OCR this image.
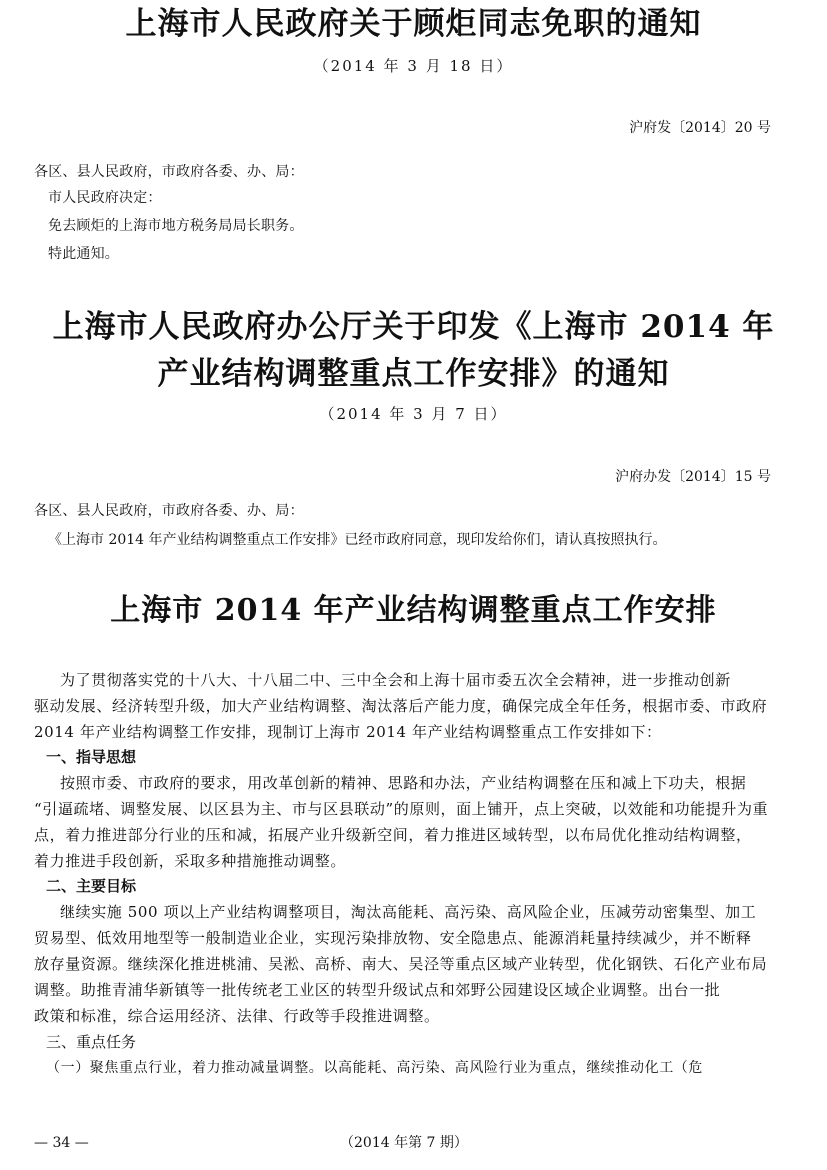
上海市人民政府关于顾炬同志免职的通知
（2014 年 3 月 18 日）
沪府发〔2014〕20 号
各区、县人民政府，市政府各委、办、局：
市人民政府决定：
免去顾炬的上海市地方税务局局长职务。
特此通知。
上海市人民政府办公厅关于印发《上海市 2014 年
产业结构调整重点工作安排》的通知
（2014 年 3 月 7 日）
沪府办发〔2014〕15 号
各区、县人民政府，市政府各委、办、局：
《上海市 2014 年产业结构调整重点工作安排》已经市政府同意，现印发给你们，请认真按照执行。
上海市 2014 年产业结构调整重点工作安排
为了贯彻落实党的十八大、十八届二中、三中全会和上海十届市委五次全会精神，进一步推动创新
驱动发展、经济转型升级，加大产业结构调整、淘汰落后产能力度，确保完成全年任务，根据市委、市政府
2014 年产业结构调整工作安排，现制订上海市 2014 年产业结构调整重点工作安排如下：
一、指导思想
按照市委、市政府的要求，用改革创新的精神、思路和办法，产业结构调整在压和减上下功夫，根据
“引逼疏堵、调整发展、以区县为主、市与区县联动”的原则，面上铺开，点上突破，以效能和功能提升为重
点，着力推进部分行业的压和减，拓展产业升级新空间，着力推进区域转型，以布局优化推动结构调整，
着力推进手段创新，采取多种措施推动调整。
二、主要目标
继续实施 500 项以上产业结构调整项目，淘汰高能耗、高污染、高风险企业，压减劳动密集型、加工
贸易型、低效用地型等一般制造业企业，实现污染排放物、安全隐患点、能源消耗量持续减少，并不断释
放存量资源。继续深化推进桃浦、吴淞、高桥、南大、吴泾等重点区域产业转型，优化钢铁、石化产业布局
调整。助推青浦华新镇等一批传统老工业区的转型升级试点和郊野公园建设区域企业调整。出台一批
政策和标准，综合运用经济、法律、行政等手段推进调整。
三、重点任务
（一）聚焦重点行业，着力推动减量调整。以高能耗、高污染、高风险行业为重点，继续推动化工（危
— 34 —	（2014 年第 7 期）
